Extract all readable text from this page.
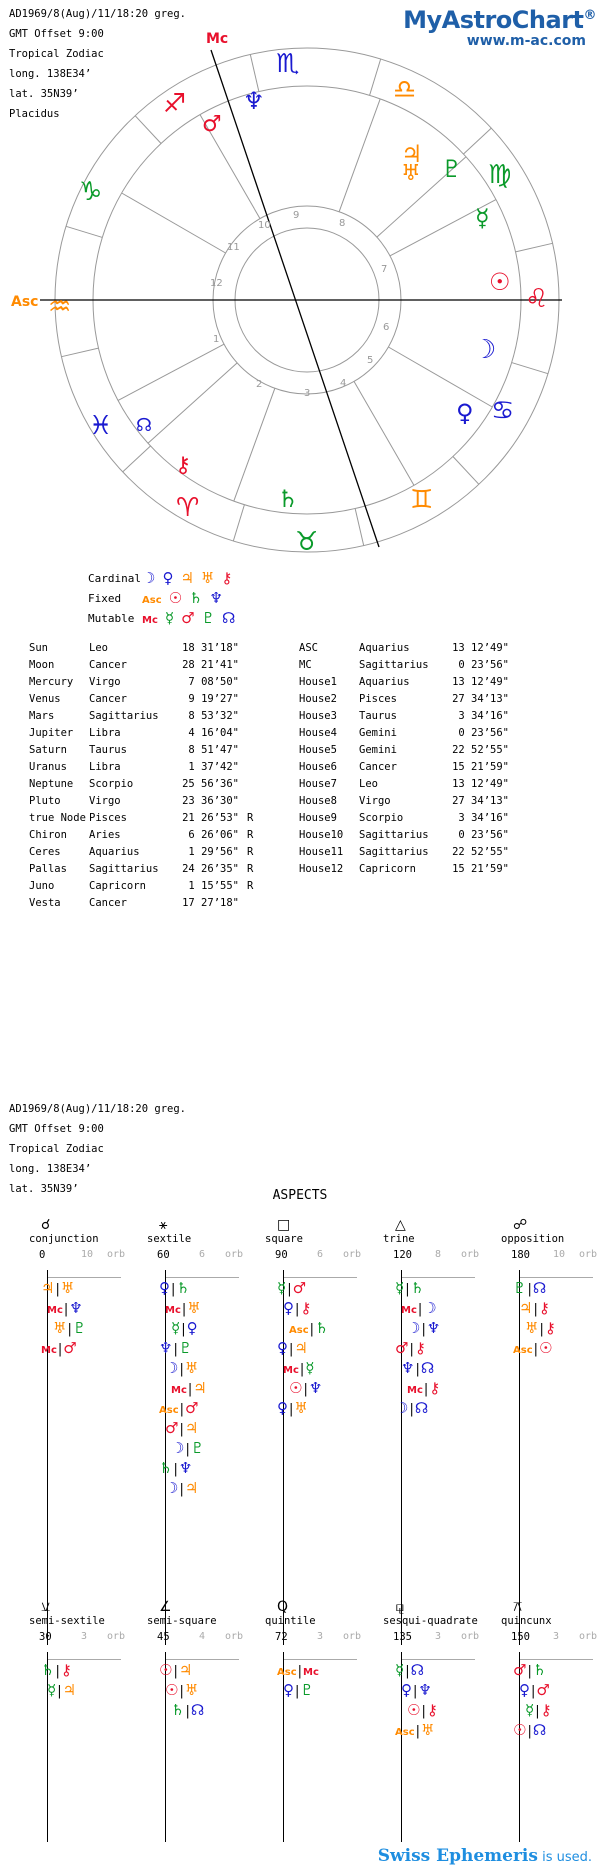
AD1969/8(Aug)/11/18:20 greg.
GMT Offset 9:00
Tropical Zodiac
long. 138E34’
lat. 35N39’
Placidus
MyAstroChart®
www.m-ac.com
Mc
Asc
10
9
8
7
6
5
4
3
2
1
12
11
♒
♑
♐
♏
♎
♍
♌
♋
♊
♉
♈
♓
♆
♂
♃
♅ ♇
☿
☉
☽
♀
♄
⚷
☊
Cardinal ☽ ♀ ♃ ♅ ⚷
Fixed	Asc ☉ ♄ ♆
Mutable Mc ☿ ♂ ♇ ☊
Sun	Leo	18 31’18"	
Moon	Cancer	28 21’41"	
Mercury	Virgo	7 08’50"	
Venus	Cancer	9 19’27"	
Mars	Sagittarius	8 53’32"	
Jupiter	Libra	4 16’04"	
Saturn	Taurus	8 51’47"	
Uranus	Libra	1 37’42"	
Neptune	Scorpio	25 56’36"	
Pluto	Virgo	23 36’30"	
true Node	Pisces	21 26’53"	R
Chiron	Aries	6 26’06"	R
Ceres	Aquarius	1 29’56"	R
Pallas	Sagittarius	24 26’35"	R
Juno	Capricorn	1 15’55"	R
Vesta	Cancer	17 27’18"	
ASC	Aquarius	13 12’49"
MC	Sagittarius	0 23’56"
House1	Aquarius	13 12’49"
House2	Pisces	27 34’13"
House3	Taurus	3 34’16"
House4	Gemini	0 23’56"
House5	Gemini	22 52’55"
House6	Cancer	15 21’59"
House7	Leo	13 12’49"
House8	Virgo	27 34’13"
House9	Scorpio	3 34’16"
House10	Sagittarius	0 23’56"
House11	Sagittarius	22 52’55"
House12	Capricorn	15 21’59"
AD1969/8(Aug)/11/18:20 greg.
GMT Offset 9:00
Tropical Zodiac
long. 138E34’
lat. 35N39’	ASPECTS
☌
conjunction
0	10 orb
♃|♅
Mc|♆
♅|♇
Mc|♂
⚹
sextile
60	6 orb
♀|♄
Mc|♅
☿|♀
♆|♇
☽|♅
Mc|♃
Asc|♂
♂|♃
☽|♇
♄|♆
☽|♃
□
square
90	6 orb
☿|♂
♀|⚷
Asc|♄
♀|♃
Mc|☿
☉|♆
♀|♅
△
trine
120 8 orb
☿|♄
Mc|☽
☽|♆
♂|⚷
♆|☊
Mc|⚷
☽|☊
☍
opposition
180 10 orb
♇|☊
♃|⚷
♅|⚷
Asc|☉
⚺
semi-sextile
30	3 orb
♄|⚷
☿|♃
∠
semi-square
45	4 orb
☉|♃
☉|♅
♄|☊
Q
quintile
72	3 orb
Asc|Mc
♀|♇
⚼
sesqui-quadrate
135 3 orb
☿|☊
♀|♆
☉|⚷
Asc|♅
⚻
quincunx
150 3 orb
♂|♄
♀|♂
☿|⚷
☉|☊
Swiss Ephemeris is used.
